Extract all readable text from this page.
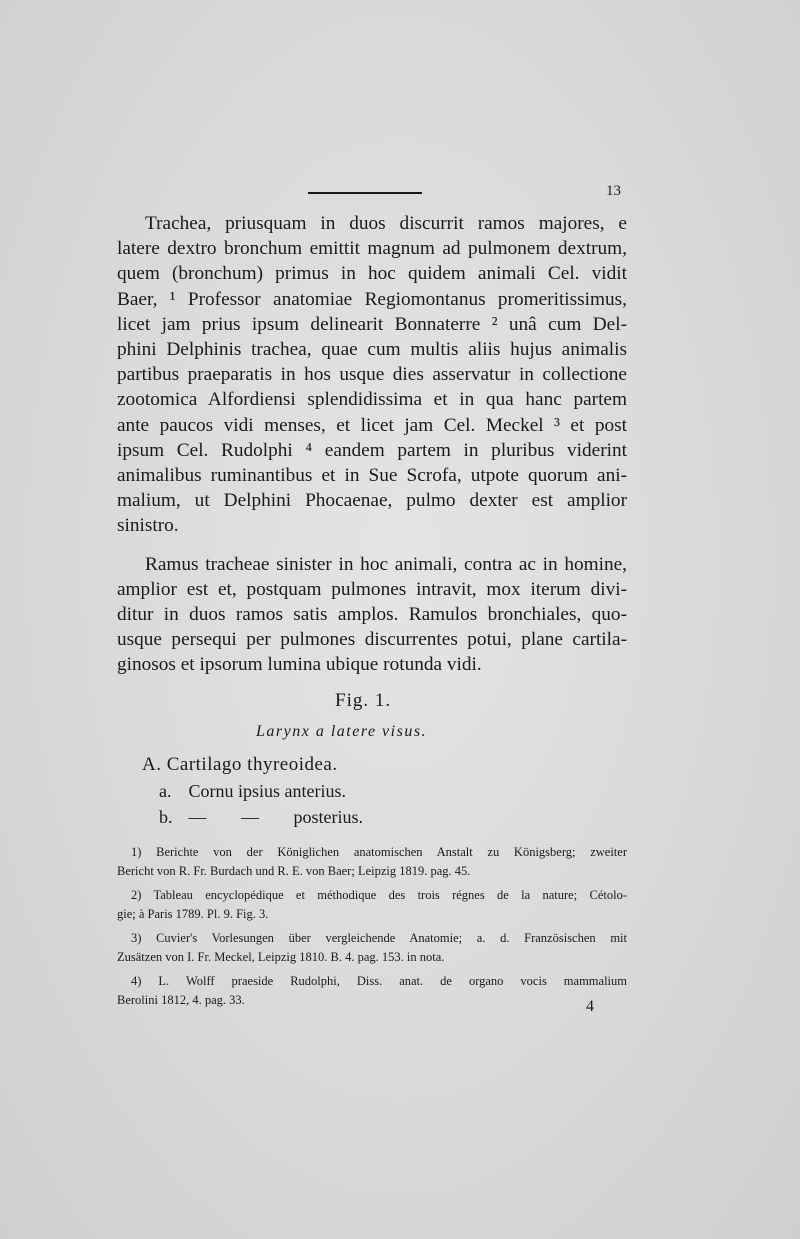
13

Trachea, priusquam in duos discurrit ramos majores, e

latere dextro bronchum emittit magnum ad pulmonem dextrum,

quem (bronchum) primus in hoc quidem animali Cel. vidit

Baer, ¹ Professor anatomiae Regiomontanus promeritissimus,

licet jam prius ipsum delinearit Bonnaterre ² unâ cum Del-

phini Delphinis trachea, quae cum multis aliis hujus animalis

partibus praeparatis in hos usque dies asservatur in collectione

zootomica Alfordiensi splendidissima et in qua hanc partem

ante paucos vidi menses, et licet jam Cel. Meckel ³ et post

ipsum Cel. Rudolphi ⁴ eandem partem in pluribus viderint

animalibus ruminantibus et in Sue Scrofa, utpote quorum ani-

malium, ut Delphini Phocaenae, pulmo dexter est amplior

sinistro.

Ramus tracheae sinister in hoc animali, contra ac in homine,

amplior est et, postquam pulmones intravit, mox iterum divi-

ditur in duos ramos satis amplos. Ramulos bronchiales, quo-

usque persequi per pulmones discurrentes potui, plane cartila-

ginosos et ipsorum lumina ubique rotunda vidi.

Fig. 1.
Larynx a latere visus.
A. Cartilago thyreoidea.
a. Cornu ipsius anterius.
b. — — posterius.

1) Berichte von der Königlichen anatomischen Anstalt zu Königsberg; zweiter

Bericht von R. Fr. Burdach und R. E. von Baer; Leipzig 1819. pag. 45.

2) Tableau encyclopédique et méthodique des trois régnes de la nature; Cétolo-

gie; à Paris 1789. Pl. 9. Fig. 3.

3) Cuvier's Vorlesungen über vergleichende Anatomie; a. d. Französischen mit

Zusätzen von I. Fr. Meckel, Leipzig 1810. B. 4. pag. 153. in nota.

4) L. Wolff praeside Rudolphi, Diss. anat. de organo vocis mammalium

Berolini 1812, 4. pag. 33.	4
